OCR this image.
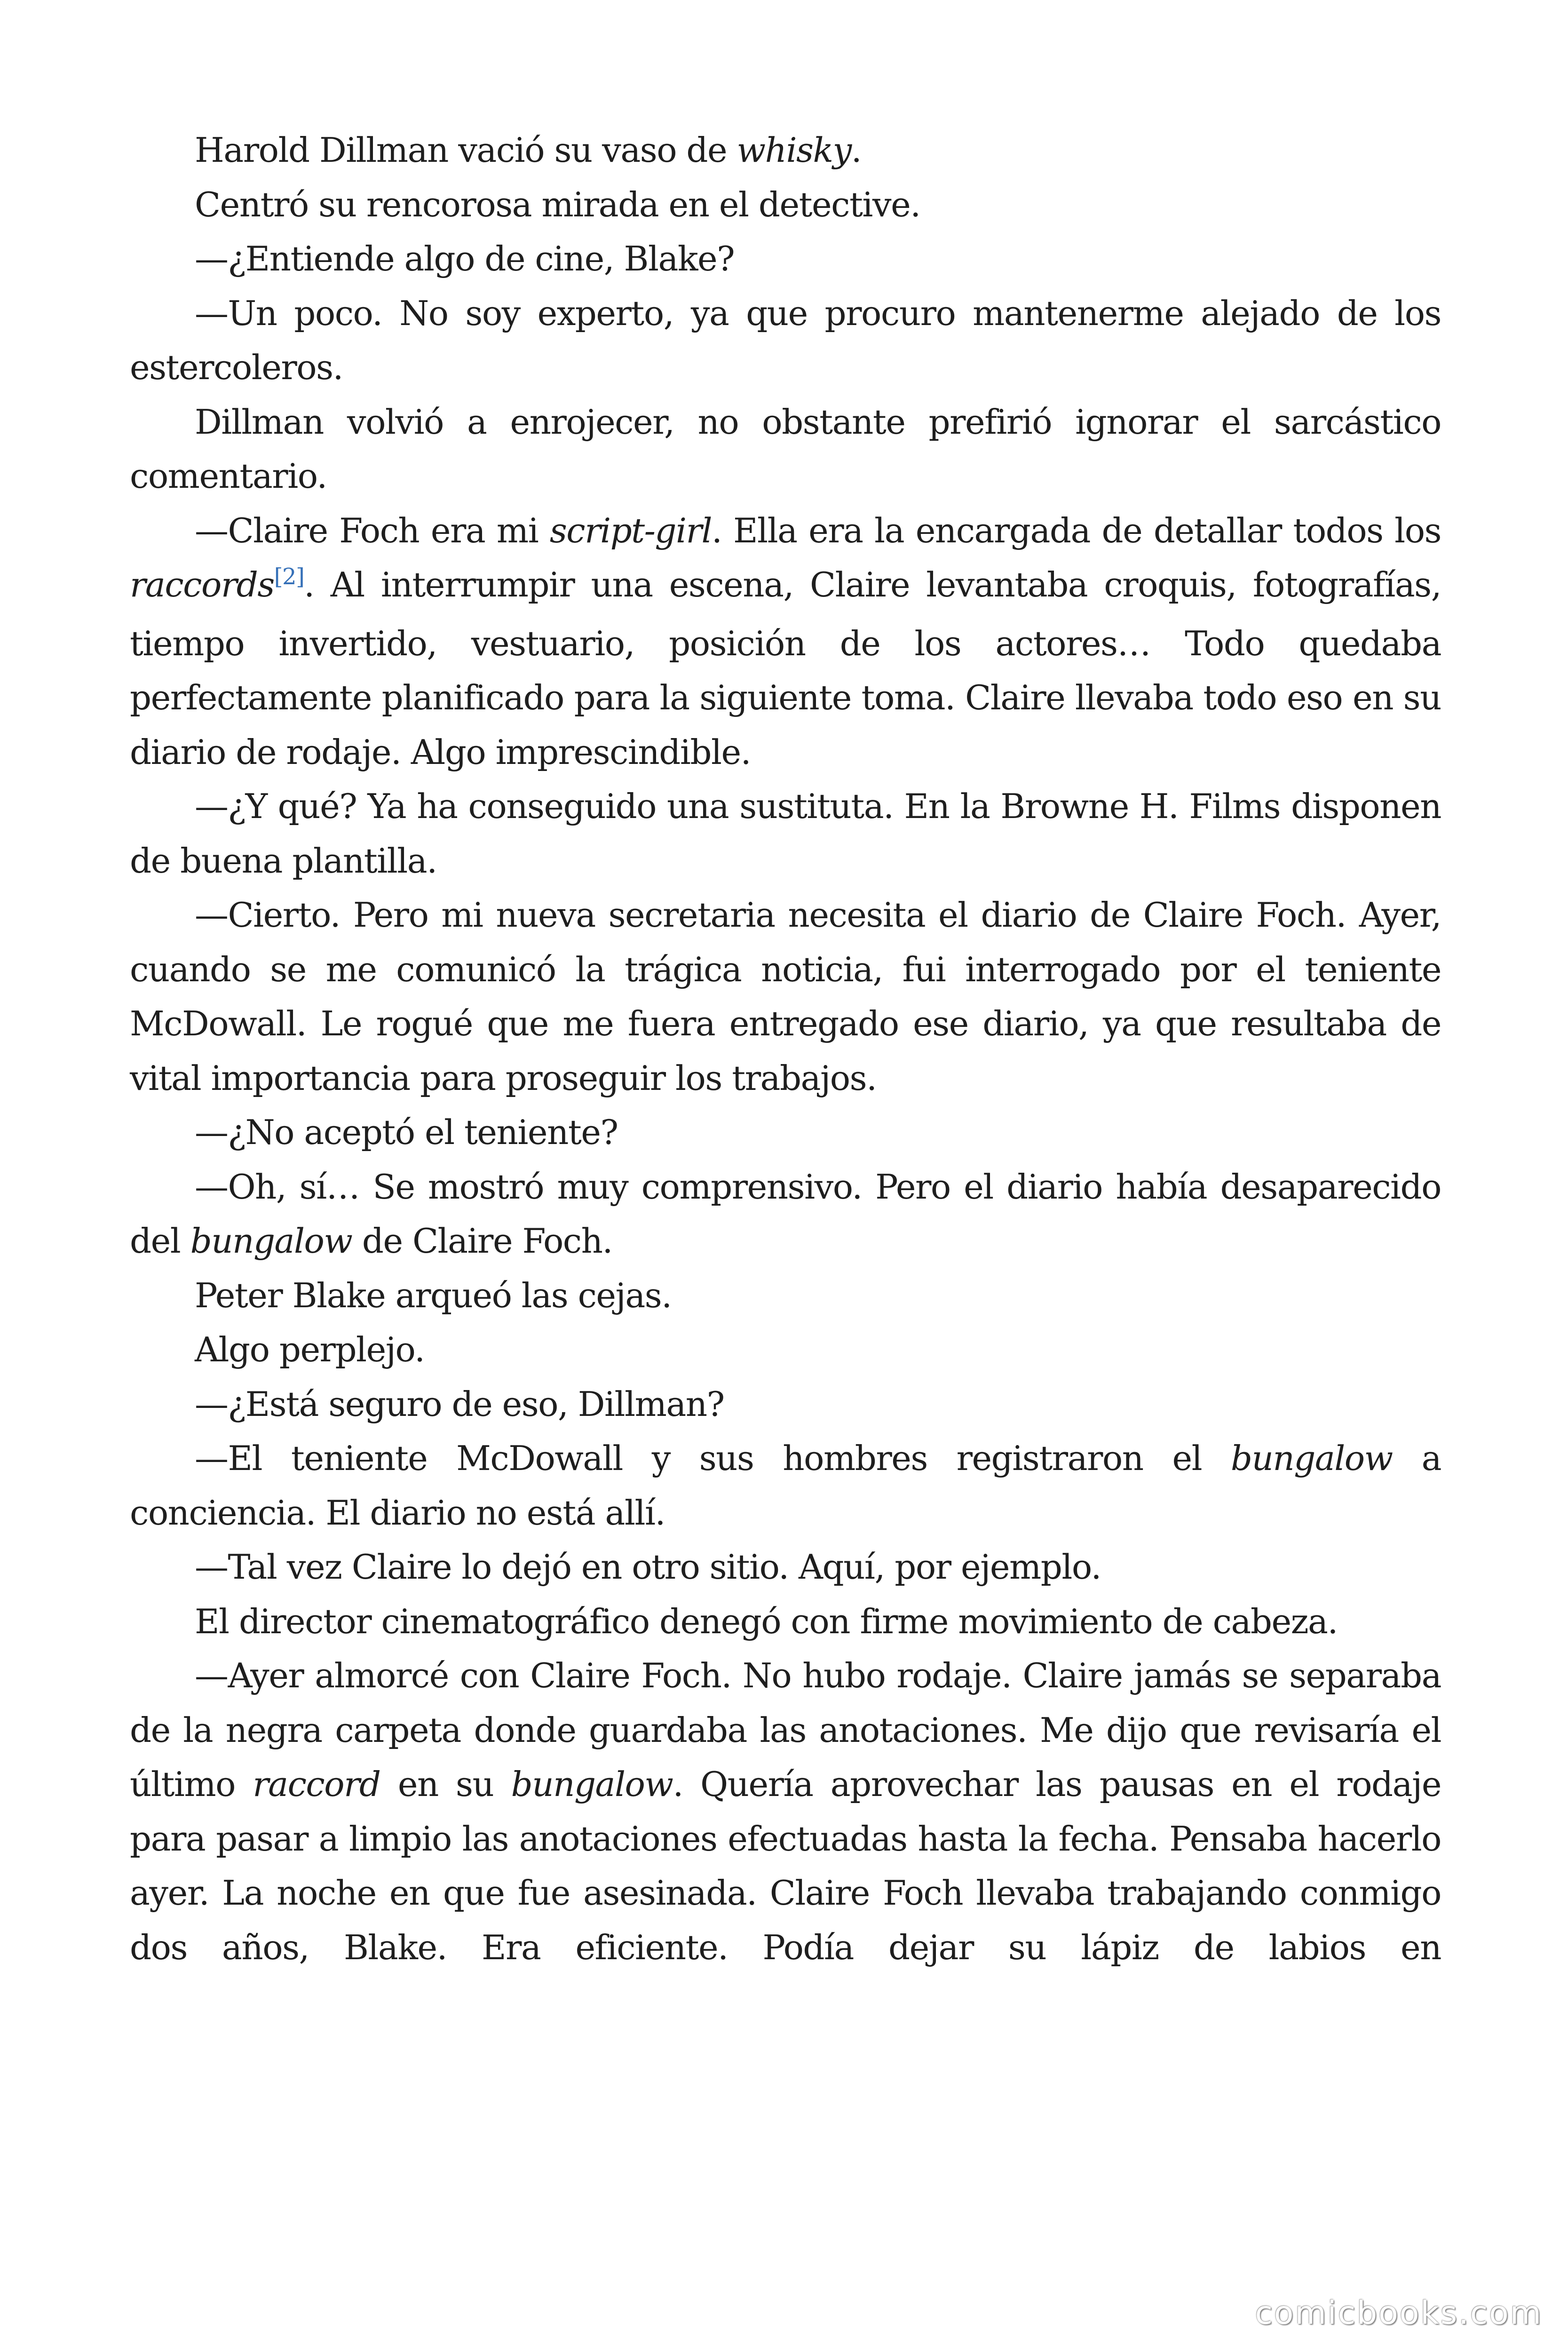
Harold Dillman vació su vaso de whisky.

Centró su rencorosa mirada en el detective.

—¿Entiende algo de cine, Blake?

—Un poco. No soy experto, ya que procuro mantenerme alejado de los estercoleros.

Dillman volvió a enrojecer, no obstante prefirió ignorar el sarcástico comentario.

—Claire Foch era mi script-girl. Ella era la encargada de detallar todos los raccords[2]. Al interrumpir una escena, Claire levantaba croquis, fotografías, tiempo invertido, vestuario, posición de los actores… Todo quedaba perfectamente planificado para la siguiente toma. Claire llevaba todo eso en su diario de rodaje. Algo imprescindible.

—¿Y qué? Ya ha conseguido una sustituta. En la Browne H. Films disponen de buena plantilla.

—Cierto. Pero mi nueva secretaria necesita el diario de Claire Foch. Ayer, cuando se me comunicó la trágica noticia, fui interrogado por el teniente McDowall. Le rogué que me fuera entregado ese diario, ya que resultaba de vital importancia para proseguir los trabajos.

—¿No aceptó el teniente?

—Oh, sí… Se mostró muy comprensivo. Pero el diario había desaparecido del bungalow de Claire Foch.

Peter Blake arqueó las cejas.

Algo perplejo.

—¿Está seguro de eso, Dillman?

—El teniente McDowall y sus hombres registraron el bungalow a conciencia. El diario no está allí.

—Tal vez Claire lo dejó en otro sitio. Aquí, por ejemplo.

El director cinematográfico denegó con firme movimiento de cabeza.

—Ayer almorcé con Claire Foch. No hubo rodaje. Claire jamás se separaba de la negra carpeta donde guardaba las anotaciones. Me dijo que revisaría el último raccord en su bungalow. Quería aprovechar las pausas en el rodaje para pasar a limpio las anotaciones efectuadas hasta la fecha. Pensaba hacerlo ayer. La noche en que fue asesinada. Claire Foch llevaba trabajando conmigo dos años, Blake. Era eficiente. Podía dejar su lápiz de labios en

comicbooks.com
